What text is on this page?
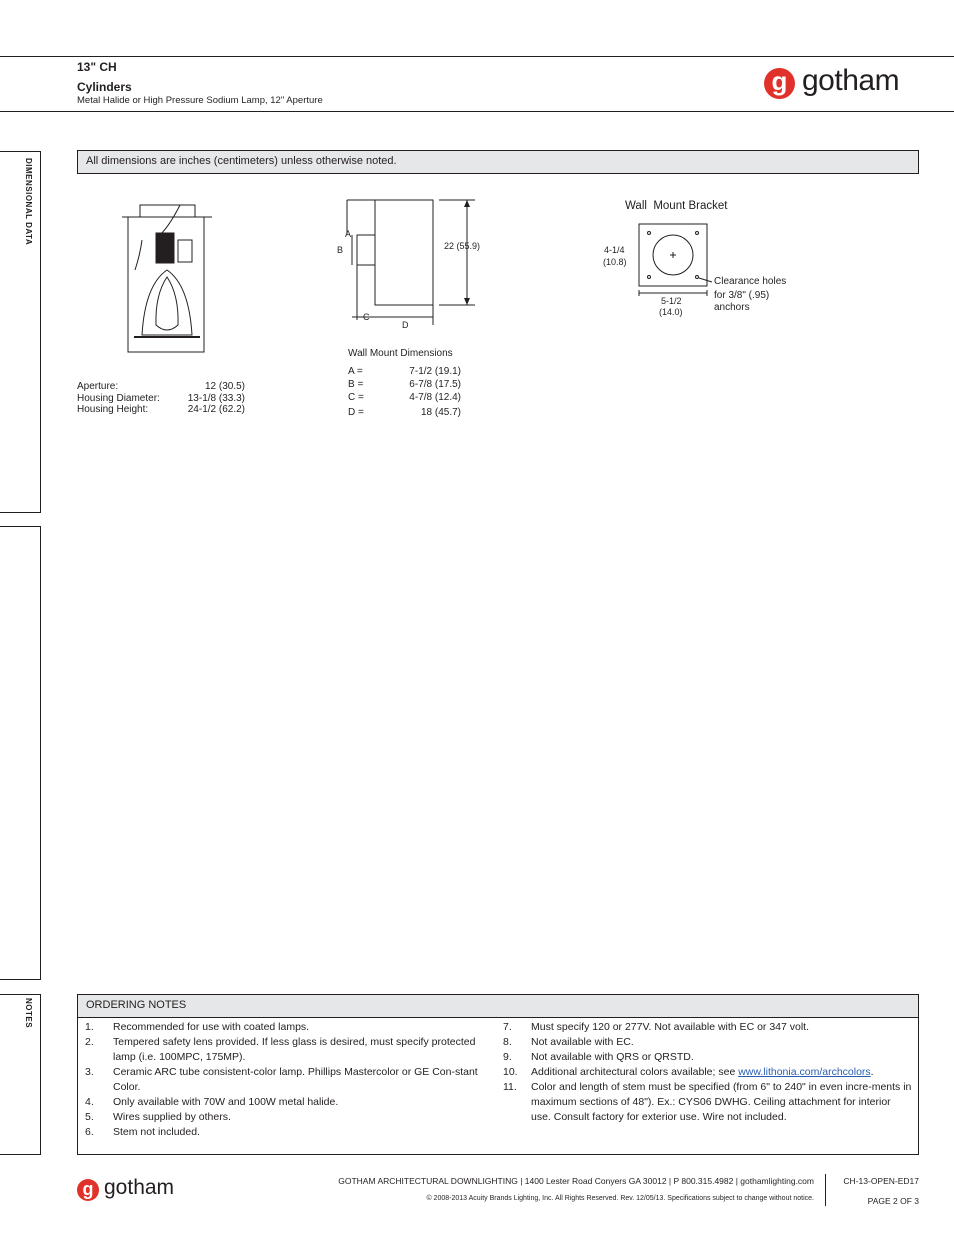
13" CH
Cylinders
Metal Halide or High Pressure Sodium Lamp, 12" Aperture
g gotham
DIMENSIONAL DATA
NOTES
All dimensions are inches (centimeters) unless otherwise noted.
Aperture:	12 (30.5)
Housing Diameter:	13-1/8 (33.3)
Housing Height:	24-1/2 (62.2)
22 (55.9)
A
B
C
D
Wall Mount Dimensions
A =	7-1/2 (19.1)
B =	6-7/8 (17.5)
C =	4-7/8 (12.4)
D =	18 (45.7)
Wall  Mount Bracket
4-1/4
(10.8)
5-1/2
(14.0)
Clearance holes
for 3/8" (.95)
anchors
ORDERING NOTES
1.	Recommended for use with coated lamps.
2.	Tempered safety lens provided. If less glass is desired, must specify protected lamp (i.e. 100MPC, 175MP).
3.	Ceramic ARC tube consistent-color lamp. Phillips Mastercolor or GE Con-stant Color.
4.	Only available with 70W and 100W metal halide.
5.	Wires supplied by others.
6.	Stem not included.
7.	Must specify 120 or 277V. Not available with EC or 347 volt.
8.	Not available with EC.
9.	Not available with QRS or QRSTD.
10.	Additional architectural colors available; see www.lithonia.com/archcolors.
11.	Color and length of stem must be specified (from 6" to 240" in even incre-ments in maximum sections of 48"). Ex.: CYS06 DWHG. Ceiling attachment for interior use. Consult factory for exterior use. Wire not included.
g gotham	GOTHAM ARCHITECTURAL DOWNLIGHTING | 1400 Lester Road Conyers GA 30012 | P 800.315.4982 | gothamlighting.com
© 2008-2013 Acuity Brands Lighting, Inc. All Rights Reserved. Rev. 12/05/13. Specifications subject to change without notice.
CH-13-OPEN-ED17
PAGE 2 OF 3
